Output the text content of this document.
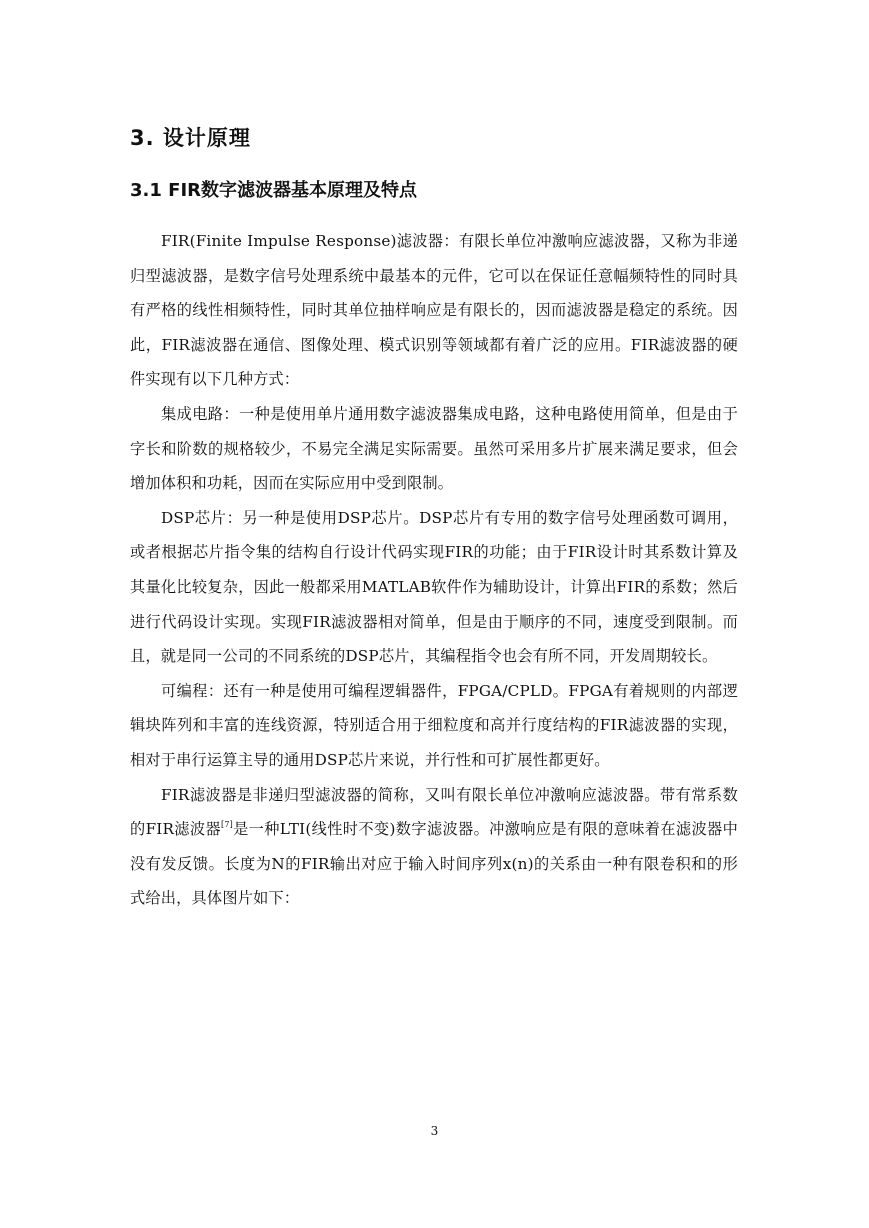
3. 设计原理
3.1 FIR数字滤波器基本原理及特点

FIR(Finite Impulse Response)滤波器：有限长单位冲激响应滤波器，又称为非递归型滤波器，是数字信号处理系统中最基本的元件，它可以在保证任意幅频特性的同时具有严格的线性相频特性，同时其单位抽样响应是有限长的，因而滤波器是稳定的系统。因此，FIR滤波器在通信、图像处理、模式识别等领域都有着广泛的应用。FIR滤波器的硬件实现有以下几种方式：

集成电路：一种是使用单片通用数字滤波器集成电路，这种电路使用简单，但是由于字长和阶数的规格较少，不易完全满足实际需要。虽然可采用多片扩展来满足要求，但会增加体积和功耗，因而在实际应用中受到限制。

DSP芯片：另一种是使用DSP芯片。DSP芯片有专用的数字信号处理函数可调用，或者根据芯片指令集的结构自行设计代码实现FIR的功能；由于FIR设计时其系数计算及其量化比较复杂，因此一般都采用MATLAB软件作为辅助设计，计算出FIR的系数；然后进行代码设计实现。实现FIR滤波器相对简单，但是由于顺序的不同，速度受到限制。而且，就是同一公司的不同系统的DSP芯片，其编程指令也会有所不同，开发周期较长。

可编程：还有一种是使用可编程逻辑器件，FPGA/CPLD。FPGA有着规则的内部逻辑块阵列和丰富的连线资源，特别适合用于细粒度和高并行度结构的FIR滤波器的实现，相对于串行运算主导的通用DSP芯片来说，并行性和可扩展性都更好。

FIR滤波器是非递归型滤波器的简称，又叫有限长单位冲激响应滤波器。带有常系数的FIR滤波器[7]是一种LTI(线性时不变)数字滤波器。冲激响应是有限的意味着在滤波器中没有发反馈。长度为N的FIR输出对应于输入时间序列x(n)的关系由一种有限卷积和的形式给出，具体图片如下：

3
